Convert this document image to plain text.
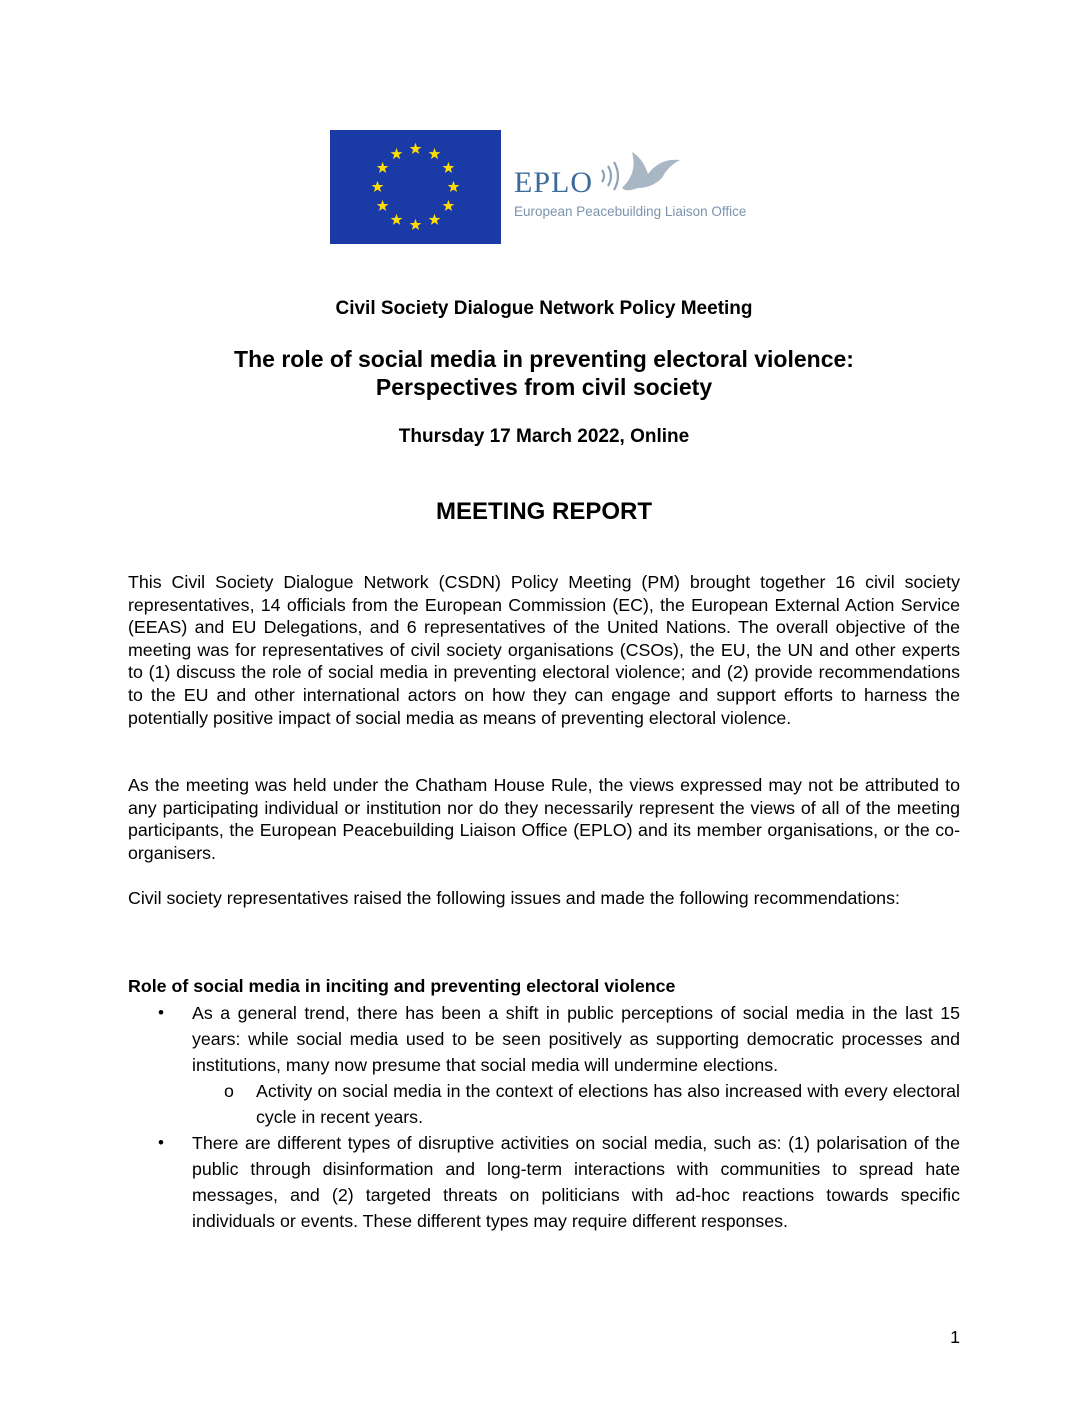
EPLO
European Peacebuilding Liaison Office
Civil Society Dialogue Network Policy Meeting
The role of social media in preventing electoral violence:
Perspectives from civil society
Thursday 17 March 2022, Online
MEETING REPORT

This Civil Society Dialogue Network (CSDN) Policy Meeting (PM) brought together 16 civil society representatives, 14 officials from the European Commission (EC), the European External Action Service (EEAS) and EU Delegations, and 6 representatives of the United Nations. The overall objective of the meeting was for representatives of civil society organisations (CSOs), the EU, the UN and other experts to (1) discuss the role of social media in preventing electoral violence; and (2) provide recommendations to the EU and other international actors on how they can engage and support efforts to harness the potentially positive impact of social media as means of preventing electoral violence.

As the meeting was held under the Chatham House Rule, the views expressed may not be attributed to any participating individual or institution nor do they necessarily represent the views of all of the meeting participants, the European Peacebuilding Liaison Office (EPLO) and its member organisations, or the co-organisers.

Civil society representatives raised the following issues and made the following recommendations:

Role of social media in inciting and preventing electoral violence

•
As a general trend, there has been a shift in public perceptions of social media in the last 15 years: while social media used to be seen positively as supporting democratic processes and institutions, many now presume that social media will undermine elections.
o
Activity on social media in the context of elections has also increased with every electoral cycle in recent years.
•
There are different types of disruptive activities on social media, such as: (1) polarisation of the public through disinformation and long-term interactions with communities to spread hate messages, and (2) targeted threats on politicians with ad-hoc reactions towards specific individuals or events. These different types may require different responses.
1
